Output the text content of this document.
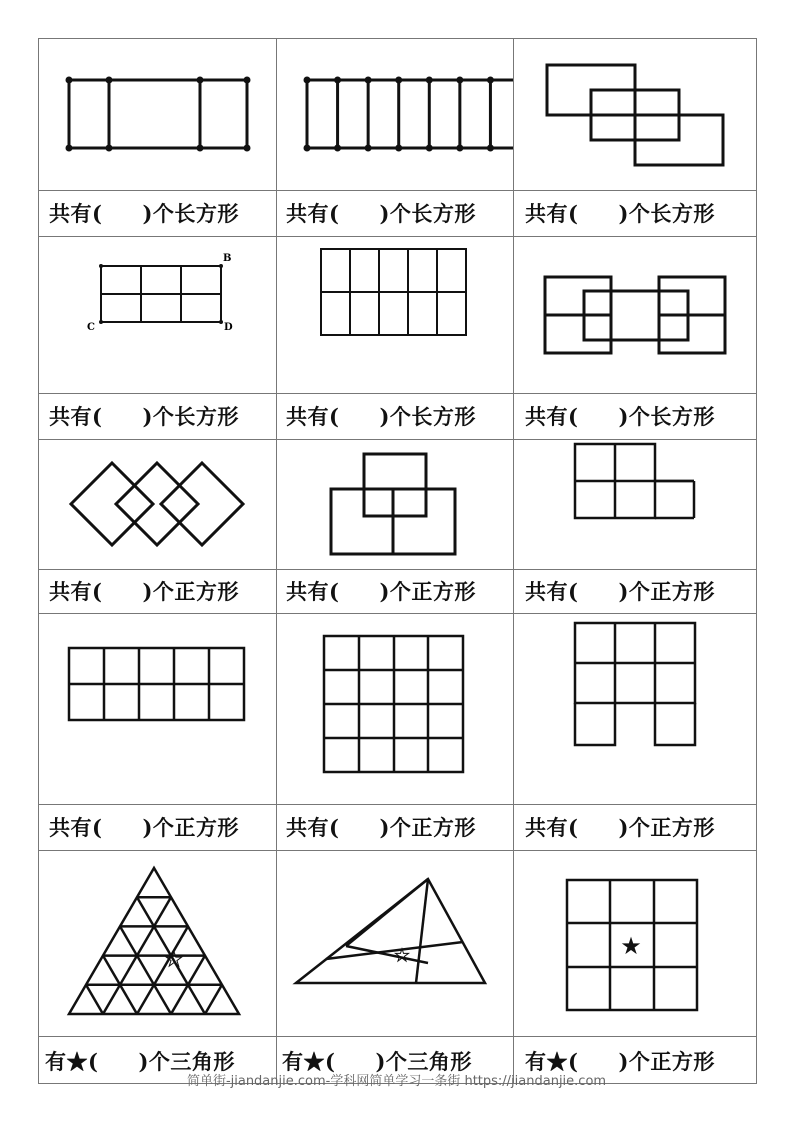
B
C	D
★	★	★
共有( )个长方形 共有( )个长方形 共有( )个长方形
共有( )个长方形 共有( )个长方形 共有( )个长方形
共有( )个正方形 共有( )个正方形 共有( )个正方形
共有( )个正方形 共有( )个正方形 共有( )个正方形
有★( )个三角形 有★( )个三角形	有★( )个正方形
简单街-jiandanjie.com-学科网简单学习一条街 https://jiandanjie.com
